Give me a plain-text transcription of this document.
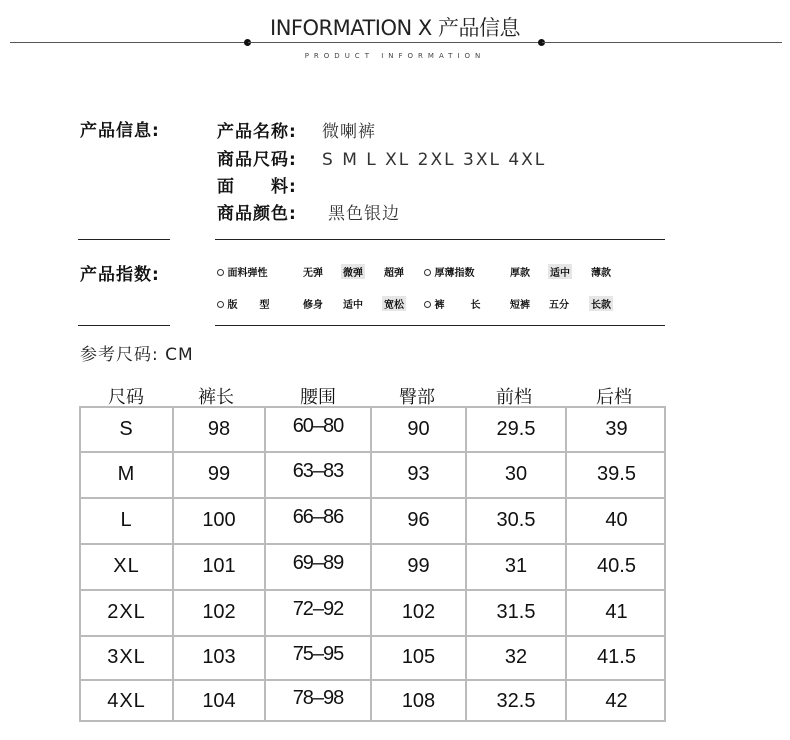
INFORMATION X 产品信息
PRODUCT INFORMATION
产品信息:	产品名称: 微喇裤
商品尺码: S M L XL 2XL 3XL 4XL
面　　料:
商品颜色: 黑色银边
产品指数:	面料弹性	无弹 微弹 超弹	厚薄指数	厚款 适中 薄款
版　型	修身 适中 宽松	裤　长 短裤 五分 长款
参考尺码: CM
尺码	裤长	腰围	臀部	前档	后档
S	98	60–80	90	29.5	39
M	99	63–83	93	30	39.5
L	100	66–86	96	30.5	40
XL	101	69–89	99	31	40.5
2XL	102	72–92	102	31.5	41
3XL	103	75–95	105	32	41.5
4XL	104	78–98	108	32.5	42
